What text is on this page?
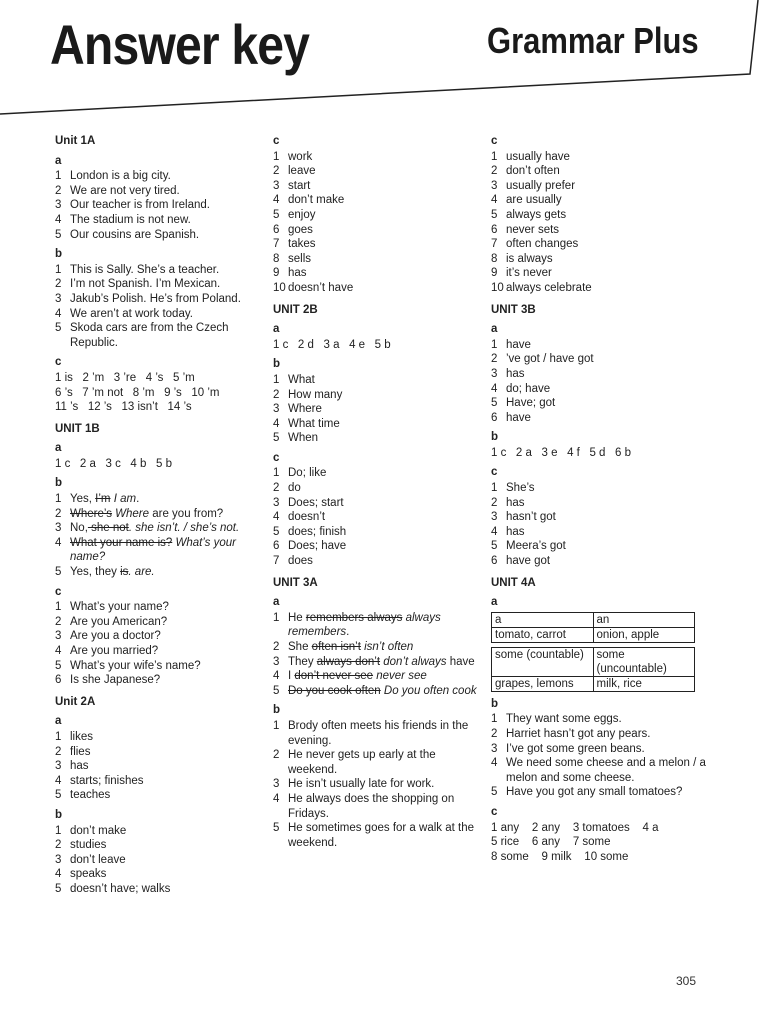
Answer key	Grammar Plus
Unit 1A
a
1 London is a big city.
2 We are not very tired.
3 Our teacher is from Ireland.
4 The stadium is not new.
5 Our cousins are Spanish.
b
1 This is Sally. She’s a teacher.
2 I’m not Spanish. I’m Mexican.
3 Jakub’s Polish. He’s from Poland.
4 We aren’t at work today.
5 Skoda cars are from the Czech Republic.
c
1 is   2 ’m   3 ’re   4 ’s   5 ’m
6 ’s   7 ’m not   8 ’m   9 ’s   10 ’m
11 ’s   12 ’s   13 isn’t   14 ’s
UNIT 1B
a
1 c   2 a   3 c   4 b   5 b
b
1 Yes, I’m I am.
2 Where’s Where are you from?
3 No, she not. she isn’t. / she’s not.
4 What your name is? What’s your name?
5 Yes, they is. are.
c
1 What’s your name?
2 Are you American?
3 Are you a doctor?
4 Are you married?
5 What’s your wife’s name?
6 Is she Japanese?
Unit 2A
a
1 likes
2 flies
3 has
4 starts; finishes
5 teaches
b
1 don’t make
2 studies
3 don’t leave
4 speaks
5 doesn’t have; walks
c
1 work
2 leave
3 start
4 don’t make
5 enjoy
6 goes
7 takes
8 sells
9 has
10 doesn’t have
UNIT 2B
a
1 c   2 d   3 a   4 e   5 b
b
1 What
2 How many
3 Where
4 What time
5 When
c
1 Do; like
2 do
3 Does; start
4 doesn’t
5 does; finish
6 Does; have
7 does
UNIT 3A
a
1 He remembers always always remembers.
2 She often isn’t isn’t often
3 They always don’t don’t always have
4 I don’t never see never see
5 Do you cook often Do you often cook
b
1 Brody often meets his friends in the evening.
2 He never gets up early at the weekend.
3 He isn’t usually late for work.
4 He always does the shopping on Fridays.
5 He sometimes goes for a walk at the weekend.
c
1 usually have
2 don’t often
3 usually prefer
4 are usually
5 always gets
6 never sets
7 often changes
8 is always
9 it’s never
10 always celebrate
UNIT 3B
a
1 have
2 ’ve got / have got
3 has
4 do; have
5 Have; got
6 have
b
1 c   2 a   3 e   4 f   5 d   6 b
c
1 She’s
2 has
3 hasn’t got
4 has
5 Meera’s got
6 have got
UNIT 4A
a
a	an
tomato, carrot	onion, apple

some (countable)	some (uncountable)
grapes, lemons	milk, rice
b
1 They want some eggs.
2 Harriet hasn’t got any pears.
3 I’ve got some green beans.
4 We need some cheese and a melon / a melon and some cheese.
5 Have you got any small tomatoes?
c
1 any    2 any    3 tomatoes    4 a
5 rice    6 any    7 some
8 some    9 milk    10 some
305
